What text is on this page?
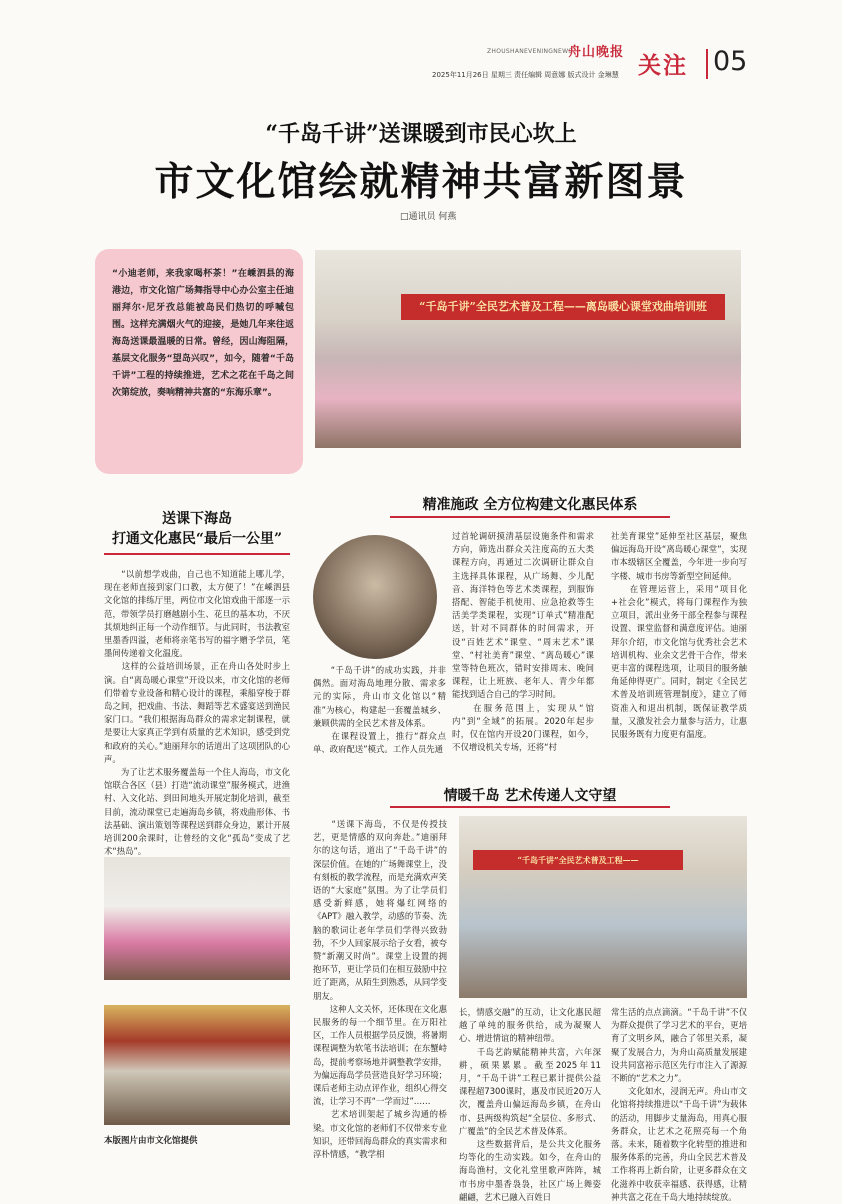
ZHOUSHANEVENINGNEWS
舟山晚报
2025年11月26日 星期三 责任编辑 周意娜 版式设计 金琳慧 关注 05
“千岛千讲”送课暖到市民心坎上
市文化馆绘就精神共富新图景
□通讯员 何燕
“小迪老师，来我家喝杯茶！”在嵊泗县的海港边，市文化馆广场舞指导中心办公室主任迪丽拜尔·尼牙孜总能被岛民们热切的呼喊包围。这样充满烟火气的迎接，是她几年来往返海岛送课最温暖的日常。曾经，因山海阻隔，基层文化服务“望岛兴叹”，如今，随着“千岛千讲”工程的持续推进，艺术之花在千岛之间次第绽放，奏响精神共富的“东海乐章”。
“千岛千讲”全民艺术普及工程——离岛暖心课堂戏曲培训班
“千岛千讲”全民艺术普及工程——
送课下海岛
打通文化惠民“最后一公里”
　　“以前想学戏曲，自己也不知道能上哪儿学，现在老师直接到家门口教，太方便了！”在嵊泗县文化馆的排练厅里，两位市文化馆戏曲干部逐一示范，带领学员打磨越剧小生、花旦的基本功，不厌其烦地纠正每一个动作细节。与此同时，书法教室里墨香四溢，老师将亲笔书写的福字赠予学员，笔墨间传递着文化温度。
　　这样的公益培训场景，正在舟山各处时步上演。自“离岛暖心课堂”开设以来，市文化馆的老师们带着专业设备和精心设计的课程，乘船穿梭于群岛之间，把戏曲、书法、舞蹈等艺术盛宴送到渔民家门口。“我们根据海岛群众的需求定制课程，就是要让大家真正学到有质量的艺术知识，感受到党和政府的关心。”迪丽拜尔的话道出了这项团队的心声。
　　为了让艺术服务覆盖每一个住人海岛，市文化馆联合各区（县）打造“流动课堂”服务模式，进渔村、入文化站、到田间地头开展定制化培训，截至目前，流动课堂已走遍海岛乡镇，将戏曲形体、书法基础、演出策划等课程送到群众身边，累计开展培训200余课时，让曾经的文化“孤岛”变成了艺术“热岛”。
精准施政 全方位构建文化惠民体系
　　“千岛千讲”的成功实践，并非偶然。面对海岛地理分散、需求多元的实际，舟山市文化馆以“精准”为核心，构建起一套覆盖城乡、兼顾供需的全民艺术普及体系。
　　在课程设置上，推行“群众点单、政府配送”模式。工作人员先通
过首轮调研摸清基层设施条件和需求方向，筛选出群众关注度高的五大类课程方向，再通过二次调研让群众自主选择具体课程，从广场舞、少儿配音、海洋特色等艺术类课程，到服饰搭配、智能手机使用、应急抢救等生活美学类课程，实现“订单式”精准配送，针对不同群体的时间需求，开设“百姓艺术”课堂、“周末艺术”课堂、“村社美育”课堂、“离岛暖心”课堂等特色班次，错时安排周末、晚间课程，让上班族、老年人、青少年都能找到适合自己的学习时间。
　　在服务范围上，实现从“馆内”到“全域”的拓展。2020年起步时，仅在馆内开设20门课程，如今，不仅增设机关专场，还将“村
社美育课堂”延伸至社区基层，聚焦偏远海岛开设“离岛暖心课堂”，实现市本级辖区全覆盖，今年进一步向写字楼、城市书房等新型空间延伸。
　　在管理运营上，采用“项目化+社会化”模式，将每门课程作为独立项目，派出业务干部全程参与课程设置、课堂监督和满意度评估。迪丽拜尔介绍，市文化馆与优秀社会艺术培训机构、业余文艺骨干合作，带来更丰富的课程选项，让项目的服务触角延伸得更广。同时，制定《全民艺术普及培训班管理制度》，建立了师资准入和退出机制，既保证教学质量，又激发社会力量参与活力，让惠民服务既有力度更有温度。
情暖千岛 艺术传递人文守望
　　“送课下海岛，不仅是传授技艺，更是情感的双向奔赴。”迪丽拜尔的这句话，道出了“千岛千讲”的深层价值。在她的广场舞课堂上，没有刻板的教学流程，而是充满欢声笑语的“大家庭”氛围。为了让学员们感受新鲜感，她将爆红网络的《APT》融入教学，动感的节奏、洗脑的歌词让老年学员们学得兴致勃勃，不少人回家展示给子女看，被夸赞“新潮又时尚”。课堂上设置的拥抱环节，更让学员们在相互鼓励中拉近了距离，从陌生到熟悉，从同学变朋友。
　　这种人文关怀，还体现在文化惠民服务的每一个细节里。在万阳社区，工作人员根据学员反馈，将暑期课程调整为软笔书法培训；在东蟹峙岛，提前考察场地并调整教学安排，为偏远海岛学员营造良好学习环境；课后老师主动点评作业，组织心得交流，让学习不再“一学而过”……
　　艺术培训架起了城乡沟通的桥梁。市文化馆的老师们不仅带来专业知识，还带回海岛群众的真实需求和淳朴情感，“教学相
长，情感交融”的互动，让文化惠民超越了单纯的服务供给，成为凝聚人心、增进情谊的精神纽带。
　　千岛艺韵赋能精神共富，六年深耕，硕果累累。截至2025年11月，“千岛千讲”工程已累计提供公益课程超7300课时，惠及市民近20万人次，覆盖舟山偏远海岛乡镇，在舟山市、县两级构筑起“全层位、多形式、广覆盖”的全民艺术普及体系。
　　这些数据背后，是公共文化服务均等化的生动实践。如今，在舟山的海岛渔村，文化礼堂里歌声阵阵，城市书房中墨香袅袅，社区广场上舞姿翩翩，艺术已融入百姓日
常生活的点点滴滴。“千岛千讲”不仅为群众提供了学习艺术的平台，更培育了文明乡风，融合了邻里关系，凝聚了发展合力，为舟山高质量发展建设共同富裕示范区先行市注入了源源不断的“艺术之力”。
　　文化如水，浸润无声。舟山市文化馆将持续推进以“千岛千讲”为载体的活动，用脚步丈量海岛，用真心服务群众，让艺术之花照亮每一个角落。未来，随着数字化转型的推进和服务体系的完善，舟山全民艺术普及工作将再上新台阶，让更多群众在文化滋养中收获幸福感、获得感，让精神共富之花在千岛大地持续绽放。
本版图片由市文化馆提供
